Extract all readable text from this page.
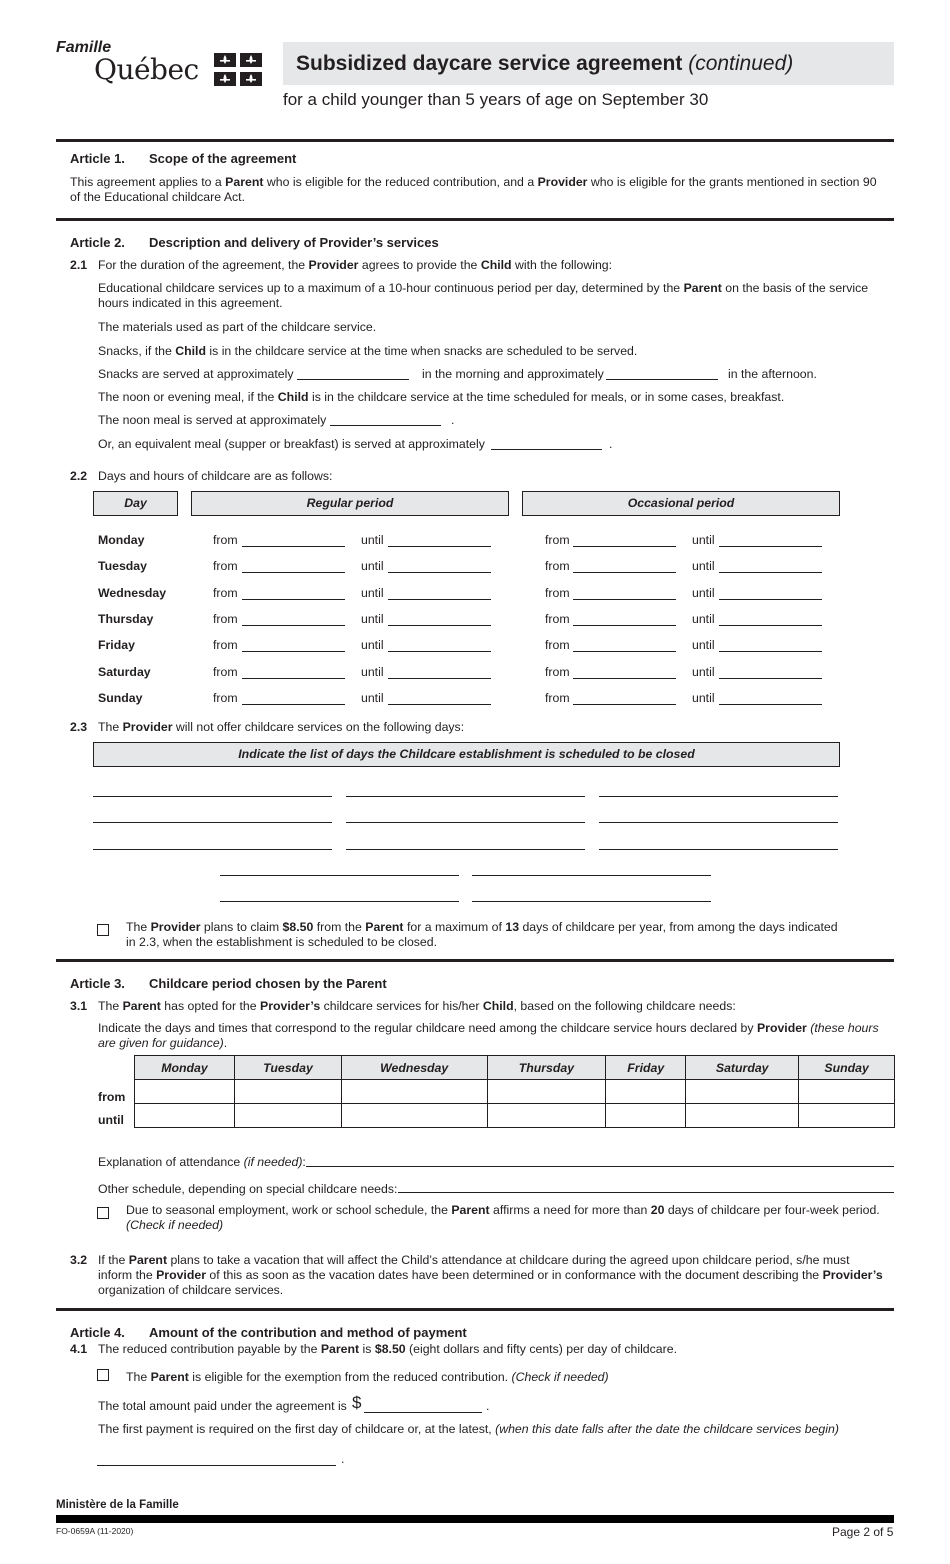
Famille
Québec	Subsidized daycare service agreement (continued)
for a child younger than 5 years of age on September 30
Article 1. Scope of the agreement
This agreement applies to a Parent who is eligible for the reduced contribution, and a Provider who is eligible for the grants mentioned in section 90
of the Educational childcare Act.
Article 2. Description and delivery of Provider’s services
2.1 For the duration of the agreement, the Provider agrees to provide the Child with the following:
Educational childcare services up to a maximum of a 10-hour continuous period per day, determined by the Parent on the basis of the service
hours indicated in this agreement.
The materials used as part of the childcare service.
Snacks, if the Child is in the childcare service at the time when snacks are scheduled to be served.
Snacks are served at approximately	in the morning and approximately	in the afternoon.
The noon or evening meal, if the Child is in the childcare service at the time scheduled for meals, or in some cases, breakfast.
The noon meal is served at approximately	.
Or, an equivalent meal (supper or breakfast) is served at approximately	.
2.2 Days and hours of childcare are as follows:
Day	Regular period	Occasional period
Monday	from	until	from	until
Tuesday	from	until	from	until
Wednesday	from	until	from	until
Thursday	from	until	from	until
Friday	from	until	from	until
Saturday	from	until	from	until
Sunday	from	until	from	until
2.3 The Provider will not offer childcare services on the following days:
Indicate the list of days the Childcare establishment is scheduled to be closed
The Provider plans to claim $8.50 from the Parent for a maximum of 13 days of childcare per year, from among the days indicated
in 2.3, when the establishment is scheduled to be closed.
Article 3. Childcare period chosen by the Parent
3.1 The Parent has opted for the Provider’s childcare services for his/her Child, based on the following childcare needs:
Indicate the days and times that correspond to the regular childcare need among the childcare service hours declared by Provider (these hours
are given for guidance).
Monday	Tuesday	Wednesday	Thursday	Friday	Saturday	Sunday

from
until
Explanation of attendance (if needed):
Other schedule, depending on special childcare needs:
Due to seasonal employment, work or school schedule, the Parent affirms a need for more than 20 days of childcare per four-week period.
(Check if needed)
3.2 If the Parent plans to take a vacation that will affect the Child’s attendance at childcare during the agreed upon childcare period, s/he must
inform the Provider of this as soon as the vacation dates have been determined or in conformance with the document describing the Provider’s
organization of childcare services.
Article 4. Amount of the contribution and method of payment
4.1 The reduced contribution payable by the Parent is $8.50 (eight dollars and fifty cents) per day of childcare.
The Parent is eligible for the exemption from the reduced contribution. (Check if needed)
The total amount paid under the agreement is $	.
The first payment is required on the first day of childcare or, at the latest, (when this date falls after the date the childcare services begin)
.
Ministère de la Famille
FO-0659A (11-2020)	Page 2 of 5
